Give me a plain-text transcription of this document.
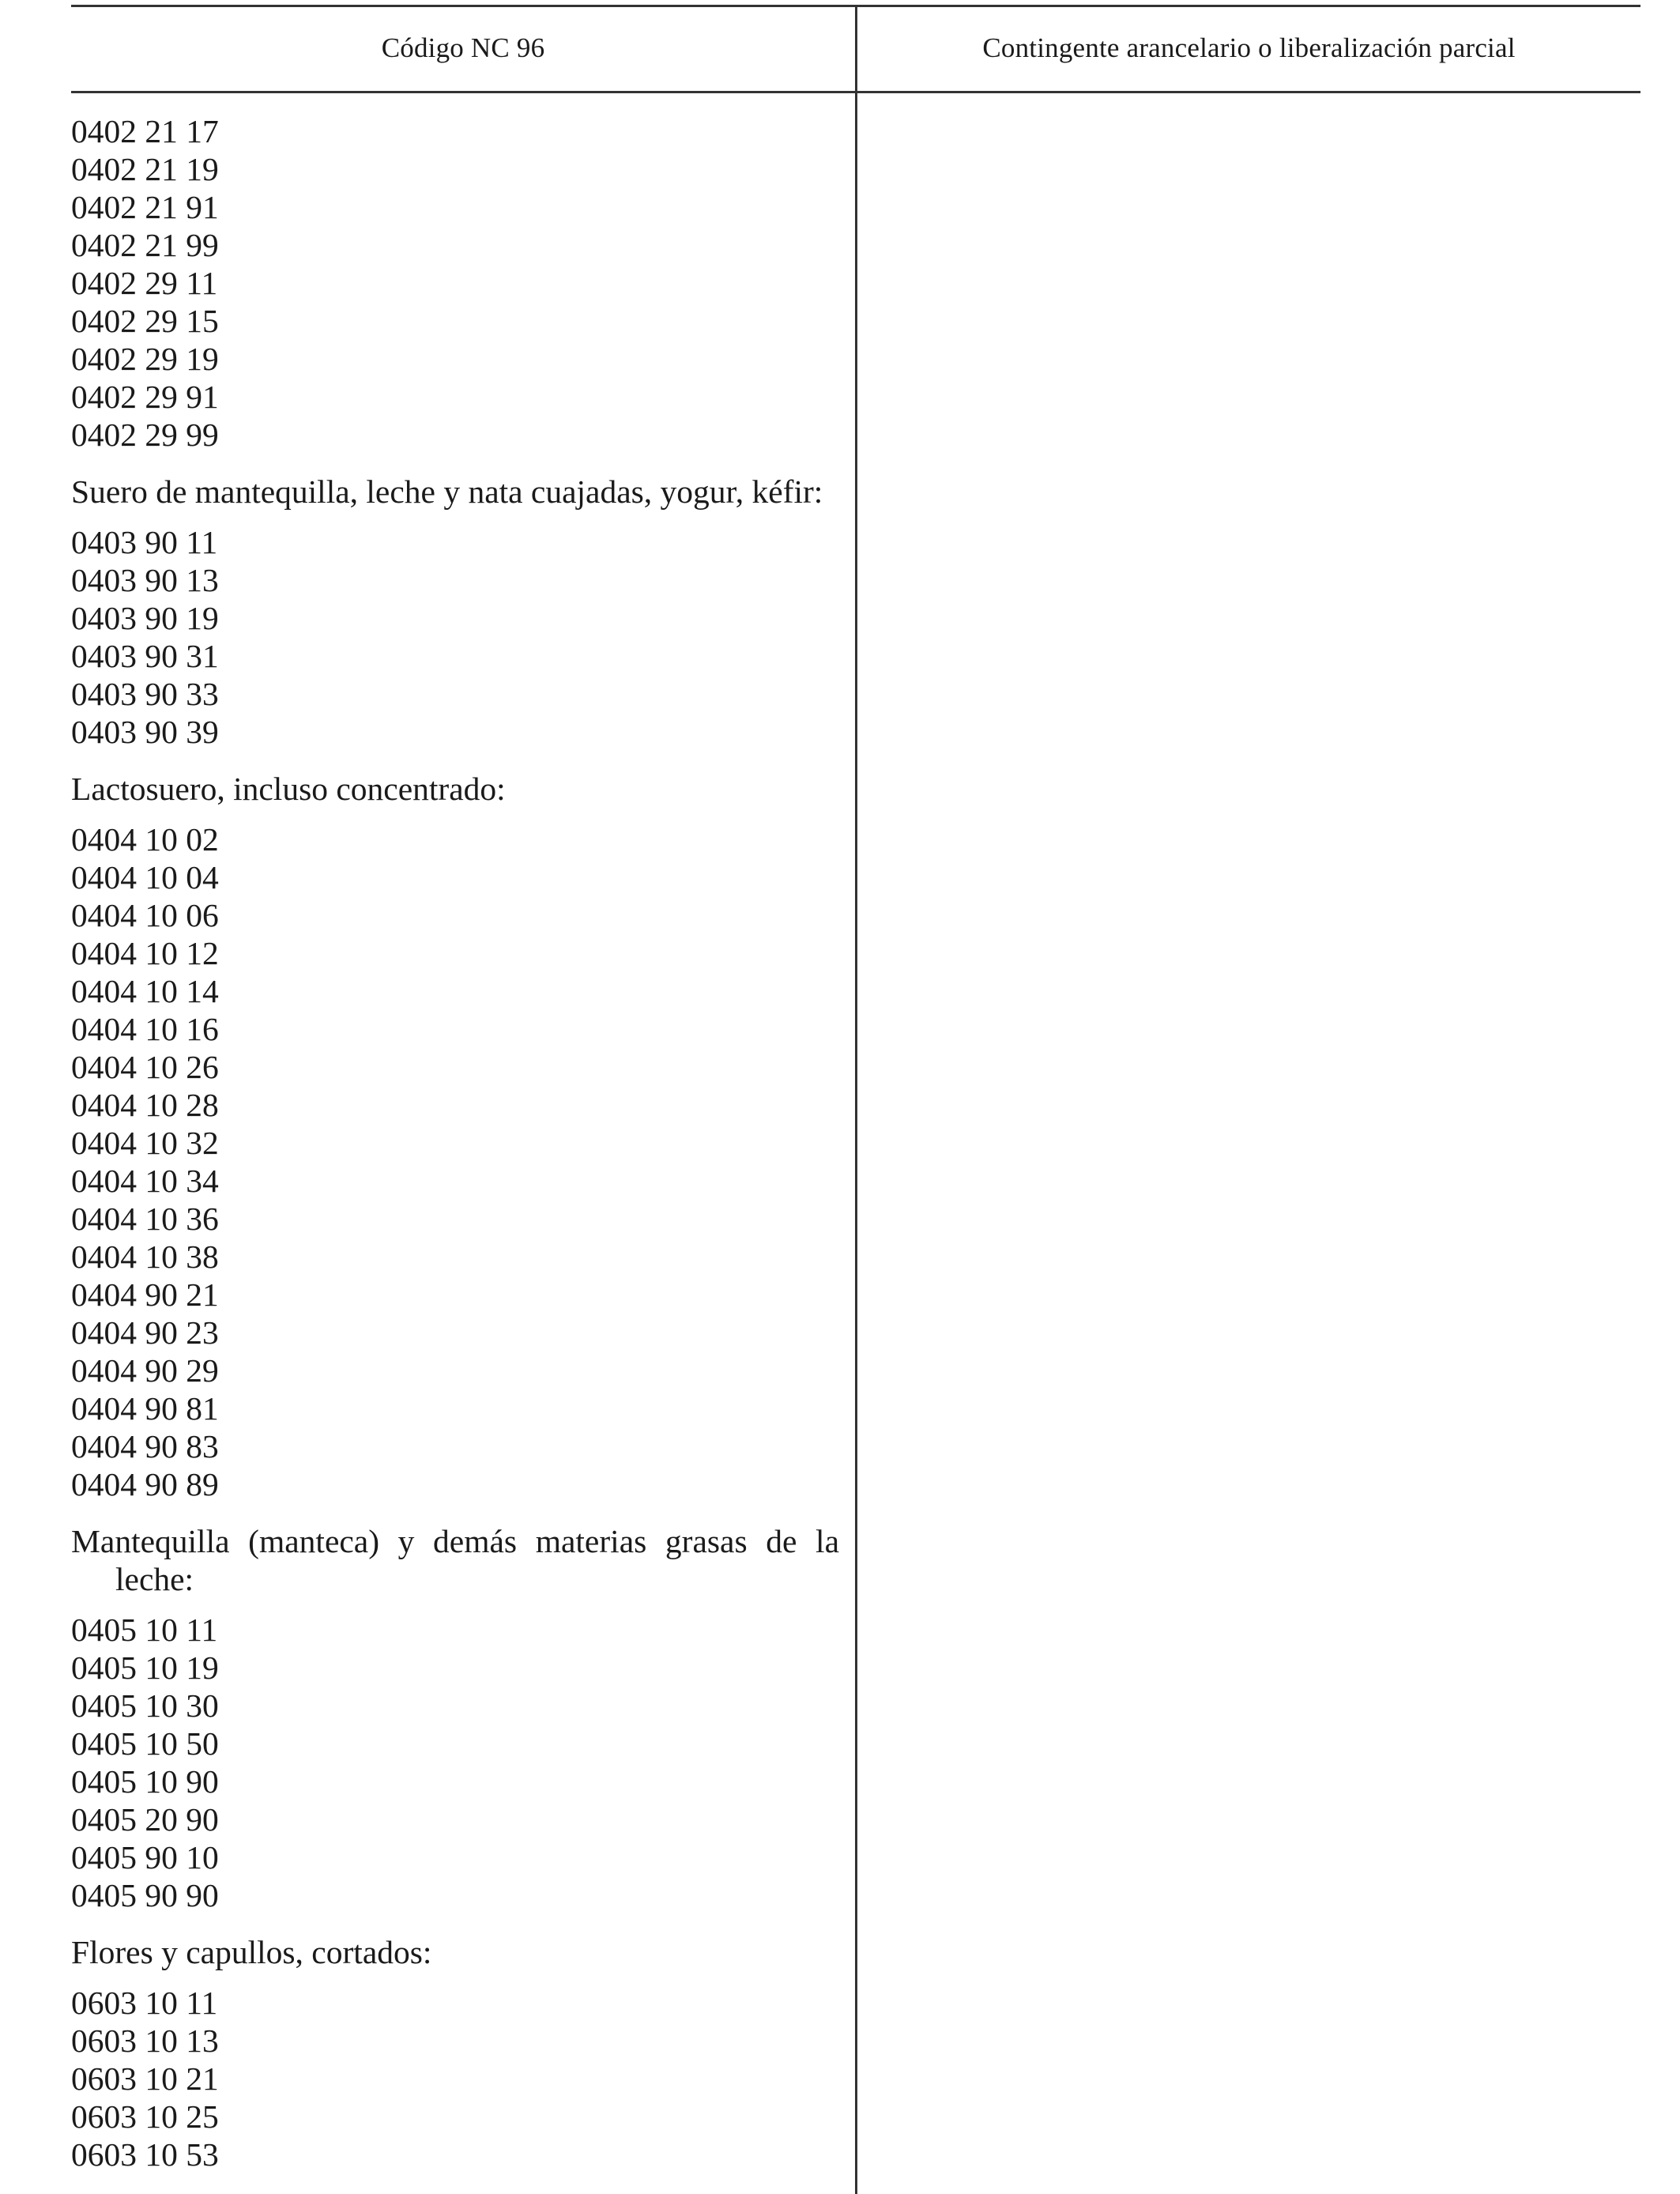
Código NC 96	Contingente arancelario o liberalización parcial
0402 21 17
0402 21 19
0402 21 91
0402 21 99
0402 29 11
0402 29 15
0402 29 19
0402 29 91
0402 29 99
Suero de mantequilla, leche y nata cuajadas, yogur, kéfir:
0403 90 11
0403 90 13
0403 90 19
0403 90 31
0403 90 33
0403 90 39
Lactosuero, incluso concentrado:
0404 10 02
0404 10 04
0404 10 06
0404 10 12
0404 10 14
0404 10 16
0404 10 26
0404 10 28
0404 10 32
0404 10 34
0404 10 36
0404 10 38
0404 90 21
0404 90 23
0404 90 29
0404 90 81
0404 90 83
0404 90 89
Mantequilla (manteca) y demás materias grasas de la leche:
0405 10 11
0405 10 19
0405 10 30
0405 10 50
0405 10 90
0405 20 90
0405 90 10
0405 90 90
Flores y capullos, cortados:
0603 10 11
0603 10 13
0603 10 21
0603 10 25
0603 10 53
